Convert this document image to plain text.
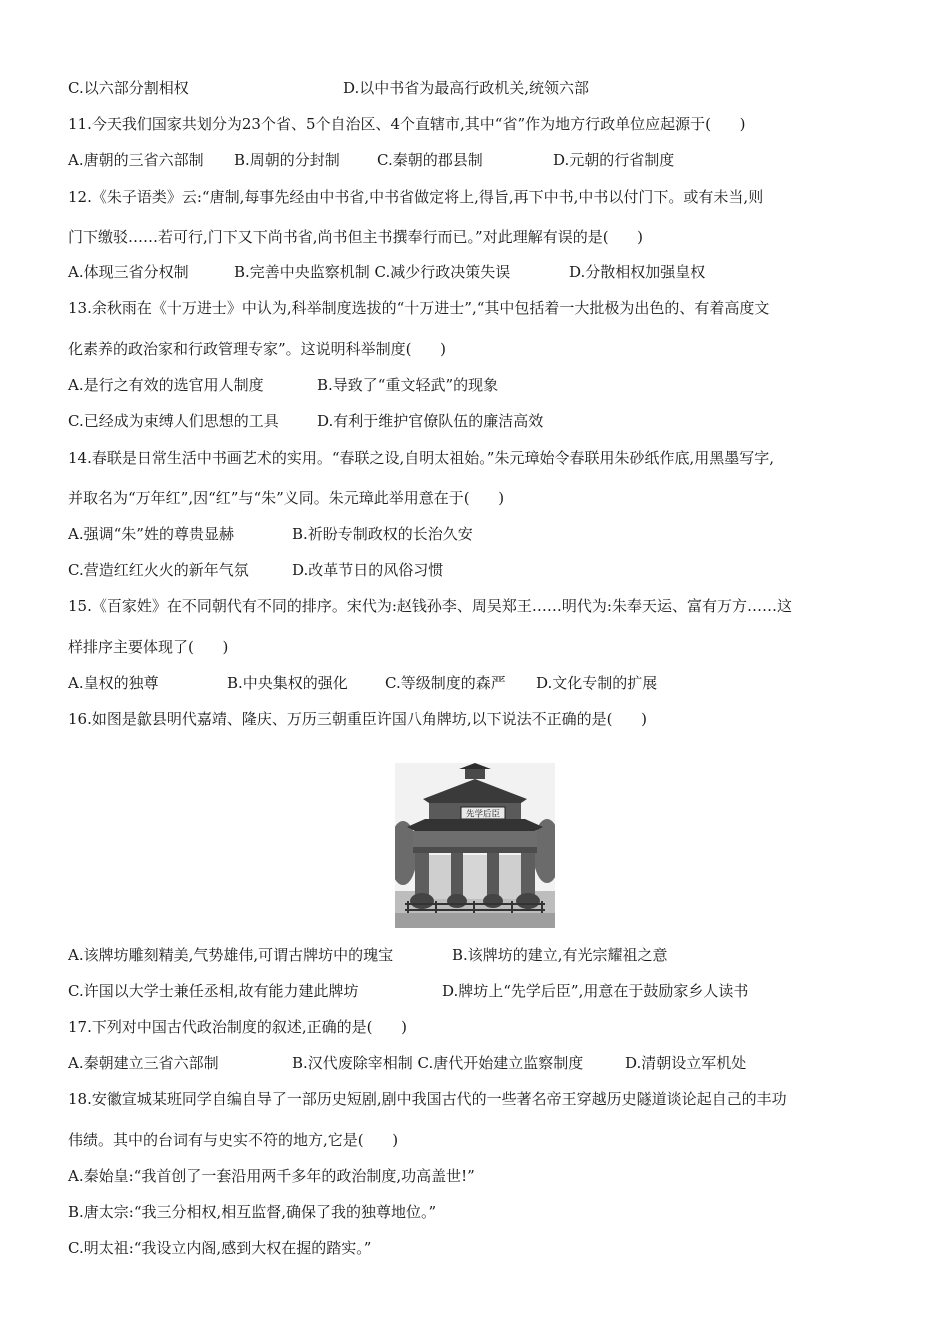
C.以六部分割相权	D.以中书省为最高行政机关,统领六部
11.今天我们国家共划分为23个省、5个自治区、4个直辖市,其中“省”作为地方行政单位应起源于(      )
A.唐朝的三省六部制 B.周朝的分封制 C.秦朝的郡县制	D.元朝的行省制度
12.《朱子语类》云:“唐制,每事先经由中书省,中书省做定将上,得旨,再下中书,中书以付门下。或有未当,则
门下缴驳……若可行,门下又下尚书省,尚书但主书撰奉行而已。”对此理解有误的是(      )
A.体现三省分权制	B.完善中央监察机制 C.减少行政决策失误	D.分散相权加强皇权
13.余秋雨在《十万进士》中认为,科举制度选拔的“十万进士”,“其中包括着一大批极为出色的、有着高度文
化素养的政治家和行政管理专家”。这说明科举制度(      )
A.是行之有效的选官用人制度	B.导致了“重文轻武”的现象
C.已经成为束缚人们思想的工具	D.有利于维护官僚队伍的廉洁高效
14.春联是日常生活中书画艺术的实用。“春联之设,自明太祖始。”朱元璋始令春联用朱砂纸作底,用黑墨写字,
并取名为“万年红”,因“红”与“朱”义同。朱元璋此举用意在于(      )
A.强调“朱”姓的尊贵显赫	B.祈盼专制政权的长治久安
C.营造红红火火的新年气氛	D.改革节日的风俗习惯
15.《百家姓》在不同朝代有不同的排序。宋代为:赵钱孙李、周吴郑王……明代为:朱奉天运、富有万方……这
样排序主要体现了(      )
A.皇权的独尊	B.中央集权的强化 C.等级制度的森严 D.文化专制的扩展
16.如图是歙县明代嘉靖、隆庆、万历三朝重臣许国八角牌坊,以下说法不正确的是(      )
先学后臣
A.该牌坊雕刻精美,气势雄伟,可谓古牌坊中的瑰宝	B.该牌坊的建立,有光宗耀祖之意
C.许国以大学士兼任丞相,故有能力建此牌坊	D.牌坊上“先学后臣”,用意在于鼓励家乡人读书
17.下列对中国古代政治制度的叙述,正确的是(      )
A.秦朝建立三省六部制	B.汉代废除宰相制 C.唐代开始建立监察制度	D.清朝设立军机处
18.安徽宣城某班同学自编自导了一部历史短剧,剧中我国古代的一些著名帝王穿越历史隧道谈论起自己的丰功
伟绩。其中的台词有与史实不符的地方,它是(      )
A.秦始皇:“我首创了一套沿用两千多年的政治制度,功高盖世!”
B.唐太宗:“我三分相权,相互监督,确保了我的独尊地位。”
C.明太祖:“我设立内阁,感到大权在握的踏实。”
